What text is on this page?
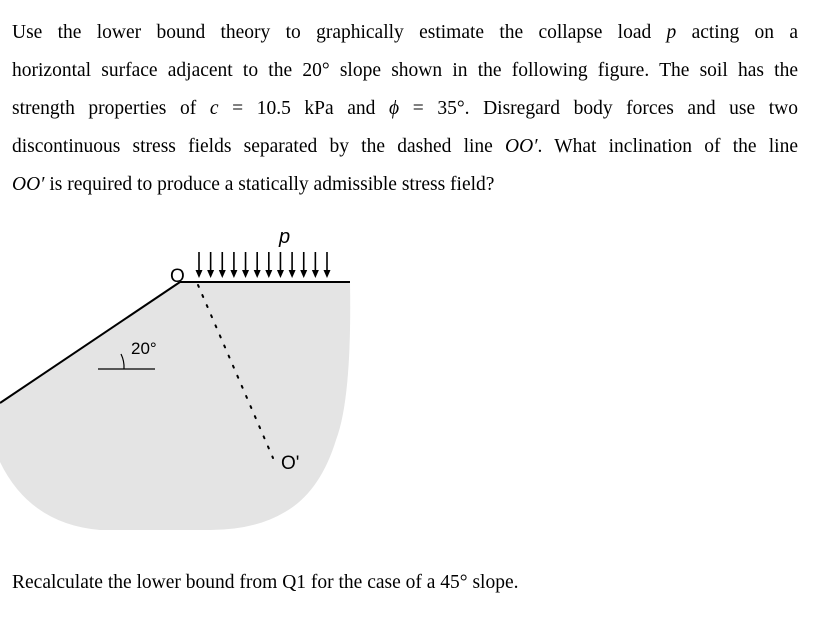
Use the lower bound theory to graphically estimate the collapse load p acting on a
horizontal surface adjacent to the 20° slope shown in the following figure. The soil has the
strength properties of c = 10.5 kPa and ϕ = 35°. Disregard body forces and use two
discontinuous stress fields separated by the dashed line OO′. What inclination of the line
OO′ is required to produce a statically admissible stress field?
20°
O
O'
p
Recalculate the lower bound from Q1 for the case of a 45° slope.
